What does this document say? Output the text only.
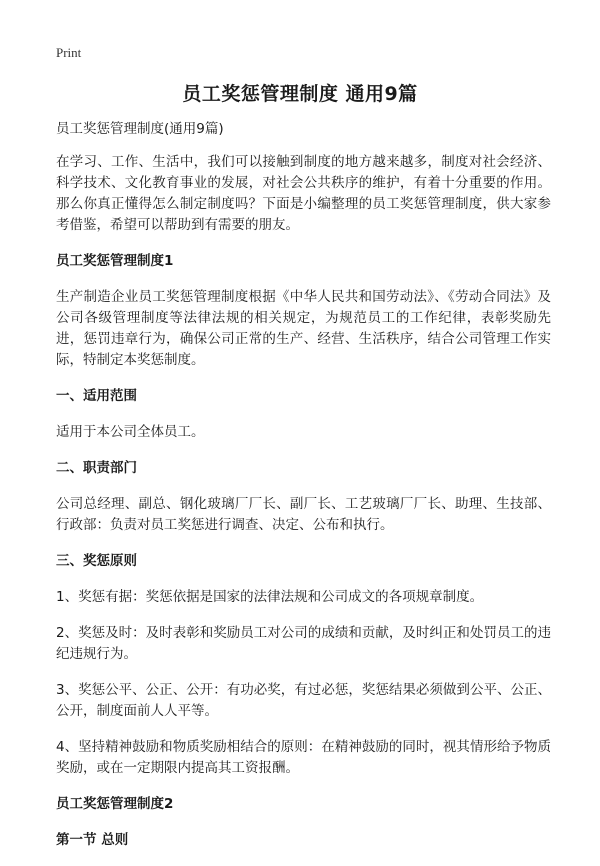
Print
员工奖惩管理制度 通用9篇

员工奖惩管理制度(通用9篇)

在学习、工作、生活中，我们可以接触到制度的地方越来越多，制度对社会经济、科学技术、文化教育事业的发展，对社会公共秩序的维护，有着十分重要的作用。那么你真正懂得怎么制定制度吗？下面是小编整理的员工奖惩管理制度，供大家参考借鉴，希望可以帮助到有需要的朋友。

员工奖惩管理制度1

生产制造企业员工奖惩管理制度根据《中华人民共和国劳动法》、《劳动合同法》及公司各级管理制度等法律法规的相关规定，为规范员工的工作纪律，表彰奖励先进，惩罚违章行为，确保公司正常的生产、经营、生活秩序，结合公司管理工作实际，特制定本奖惩制度。

一、适用范围

适用于本公司全体员工。

二、职责部门

公司总经理、副总、钢化玻璃厂厂长、副厂长、工艺玻璃厂厂长、助理、生技部、行政部：负责对员工奖惩进行调查、决定、公布和执行。

三、奖惩原则

1、奖惩有据：奖惩依据是国家的法律法规和公司成文的各项规章制度。

2、奖惩及时：及时表彰和奖励员工对公司的成绩和贡献，及时纠正和处罚员工的违纪违规行为。

3、奖惩公平、公正、公开：有功必奖，有过必惩，奖惩结果必须做到公平、公正、公开，制度面前人人平等。

4、坚持精神鼓励和物质奖励相结合的原则：在精神鼓励的同时，视其情形给予物质奖励，或在一定期限内提高其工资报酬。

员工奖惩管理制度2
第一节 总则
